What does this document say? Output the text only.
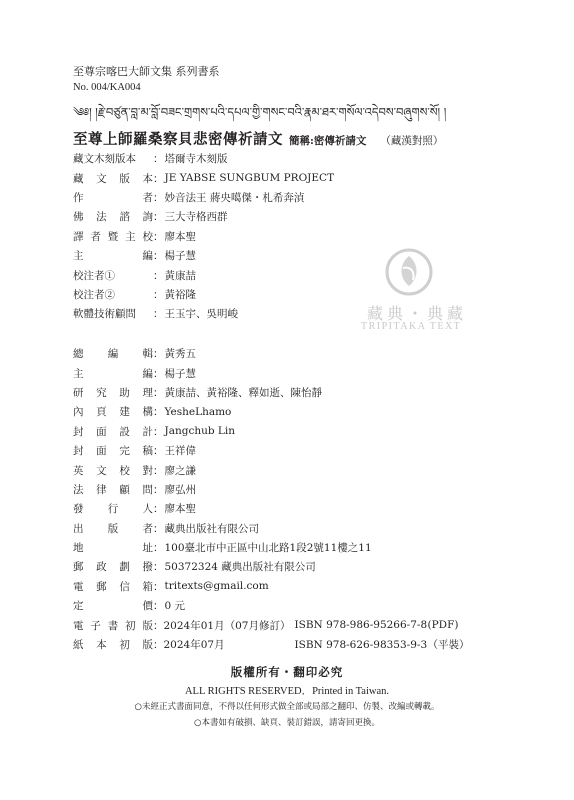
至尊宗喀巴大師文集 系列書系
No. 004/KA004
༄༅། །རྗེ་བཙུན་བླ་མ་བློ་བཟང་གྲགས་པའི་དཔལ་གྱི་གསང་བའི་རྣམ་ཐར་གསོལ་འདེབས་བཞུགས་སོ། །
至尊上師羅桑察貝悲密傳祈請文 簡稱:密傳祈請文 （藏漢對照）
藏文木刻版本	： 塔爾寺木刻版
藏 文 版 本 ： JE YABSE SUNGBUM PROJECT
作	者 ： 妙音法王 蔣央噶傑・札希奔湞
佛 法 諮 詢 ： 三大寺格西群
譯 者 暨 主 校 ： 廖本聖
主	編 ： 楊子慧
校注者①	： 黃康喆
校注者②	： 黃裕隆
軟體技術顧問	： 王玉宇、吳明峻	藏典・典藏
TRIPITAKA TEXT
總 編 輯 ： 黃秀五
主	編 ： 楊子慧
研 究 助 理 ： 黃康喆、黃裕隆、釋如逝、陳怡靜
內 頁 建 構 ： YesheLhamo
封 面 設 計 ： Jangchub Lin
封 面 完 稿 ： 王祥偉
英 文 校 對 ： 廖之謙
法 律 顧 問 ： 廖弘州
發 行 人 ： 廖本聖
出 版 者 ： 藏典出版社有限公司
地	址 ： 100臺北市中正區中山北路1段2號11樓之11
郵 政 劃 撥 ： 50372324 藏典出版社有限公司
電 郵 信 箱 ： tritexts@gmail.com
定	價 ： 0 元
電 子 書 初 版 ： 2024年01月（07月修訂） ISBN 978-986-95266-7-8 (PDF)
紙 本 初 版 ： 2024年07月	ISBN 978-626-98353-9-3 （平裝）
版權所有・翻印必究
ALL RIGHTS RESERVED．Printed in Taiwan.
○未經正式書面同意，不得以任何形式做全部或局部之翻印、仿製、改編或轉載。
○本書如有破損、缺頁、裝訂錯誤，請寄回更換。
